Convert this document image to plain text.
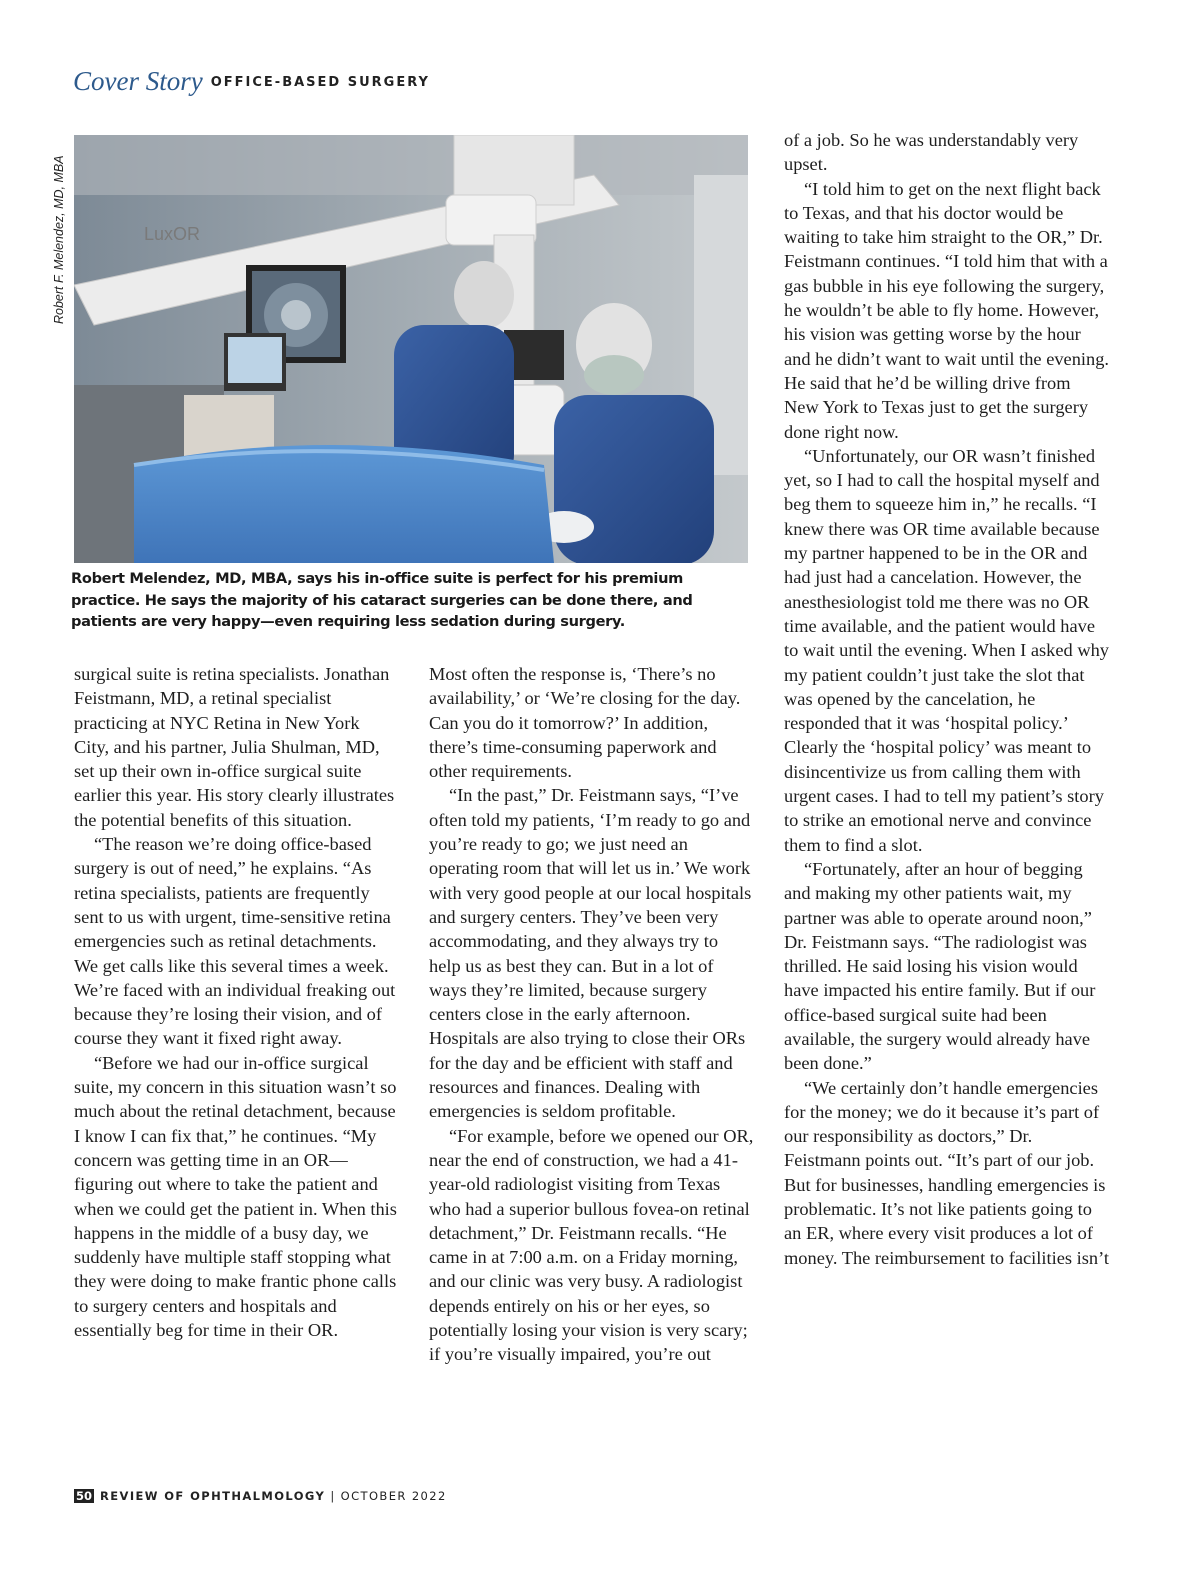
Cover Story $^{OFFICE-BASED SURGERY}$
Robert F. Melendez, MD, MBA	LuxOR
Robert Melendez, MD, MBA, says his in-office suite is perfect for his premium practice. He says the majority of his cataract surgeries can be done there, and patients are very happy—even requiring less sedation during surgery.

surgical suite is retina specialists. Jonathan Feistmann, MD, a retinal specialist practicing at NYC Retina in New York City, and his partner, Julia Shulman, MD, set up their own in-office surgical suite earlier this year. His story clearly illustrates the potential benefits of this situation.

“The reason we’re doing office-based surgery is out of need,” he explains. “As retina specialists, patients are frequently sent to us with urgent, time-sensitive retina emergencies such as retinal detachments. We get calls like this several times a week. We’re faced with an individual freaking out because they’re losing their vision, and of course they want it fixed right away.

“Before we had our in-office surgical suite, my concern in this situation wasn’t so much about the retinal detachment, because I know I can fix that,” he continues. “My concern was getting time in an OR—figuring out where to take the patient and when we could get the patient in. When this happens in the middle of a busy day, we suddenly have multiple staff stopping what they were doing to make frantic phone calls to surgery centers and hospitals and essentially beg for time in their OR.

Most often the response is, ‘There’s no availability,’ or ‘We’re closing for the day. Can you do it tomorrow?’ In addition, there’s time-consuming paperwork and other requirements.

“In the past,” Dr. Feistmann says, “I’ve often told my patients, ‘I’m ready to go and you’re ready to go; we just need an operating room that will let us in.’ We work with very good people at our local hospitals and surgery centers. They’ve been very accommodating, and they always try to help us as best they can. But in a lot of ways they’re limited, because surgery centers close in the early afternoon. Hospitals are also trying to close their ORs for the day and be efficient with staff and resources and finances. Dealing with emergencies is seldom profitable.

“For example, before we opened our OR, near the end of construction, we had a 41-year-old radiologist visiting from Texas who had a superior bullous fovea-on retinal detachment,” Dr. Feistmann recalls. “He came in at 7:00 a.m. on a Friday morning, and our clinic was very busy. A radiologist depends entirely on his or her eyes, so potentially losing your vision is very scary; if you’re visually impaired, you’re out

of a job. So he was understandably very upset.

“I told him to get on the next flight back to Texas, and that his doctor would be waiting to take him straight to the OR,” Dr. Feistmann continues. “I told him that with a gas bubble in his eye following the surgery, he wouldn’t be able to fly home. However, his vision was getting worse by the hour and he didn’t want to wait until the evening. He said that he’d be willing drive from New York to Texas just to get the surgery done right now.

“Unfortunately, our OR wasn’t finished yet, so I had to call the hospital myself and beg them to squeeze him in,” he recalls. “I knew there was OR time available because my partner happened to be in the OR and had just had a cancelation. However, the anesthesiologist told me there was no OR time available, and the patient would have to wait until the evening. When I asked why my patient couldn’t just take the slot that was opened by the cancelation, he responded that it was ‘hospital policy.’ Clearly the ‘hospital policy’ was meant to disincentivize us from calling them with urgent cases. I had to tell my patient’s story to strike an emotional nerve and convince them to find a slot.

“Fortunately, after an hour of begging and making my other patients wait, my partner was able to operate around noon,” Dr. Feistmann says. “The radiologist was thrilled. He said losing his vision would have impacted his entire family. But if our office-based surgical suite had been available, the surgery would already have been done.”

“We certainly don’t handle emergencies for the money; we do it because it’s part of our responsibility as doctors,” Dr. Feistmann points out. “It’s part of our job. But for businesses, handling emergencies is problematic. It’s not like patients going to an ER, where every visit produces a lot of money. The reimbursement to facilities isn’t

50 REVIEW OF OPHTHALMOLOGY | OCTOBER 2022
